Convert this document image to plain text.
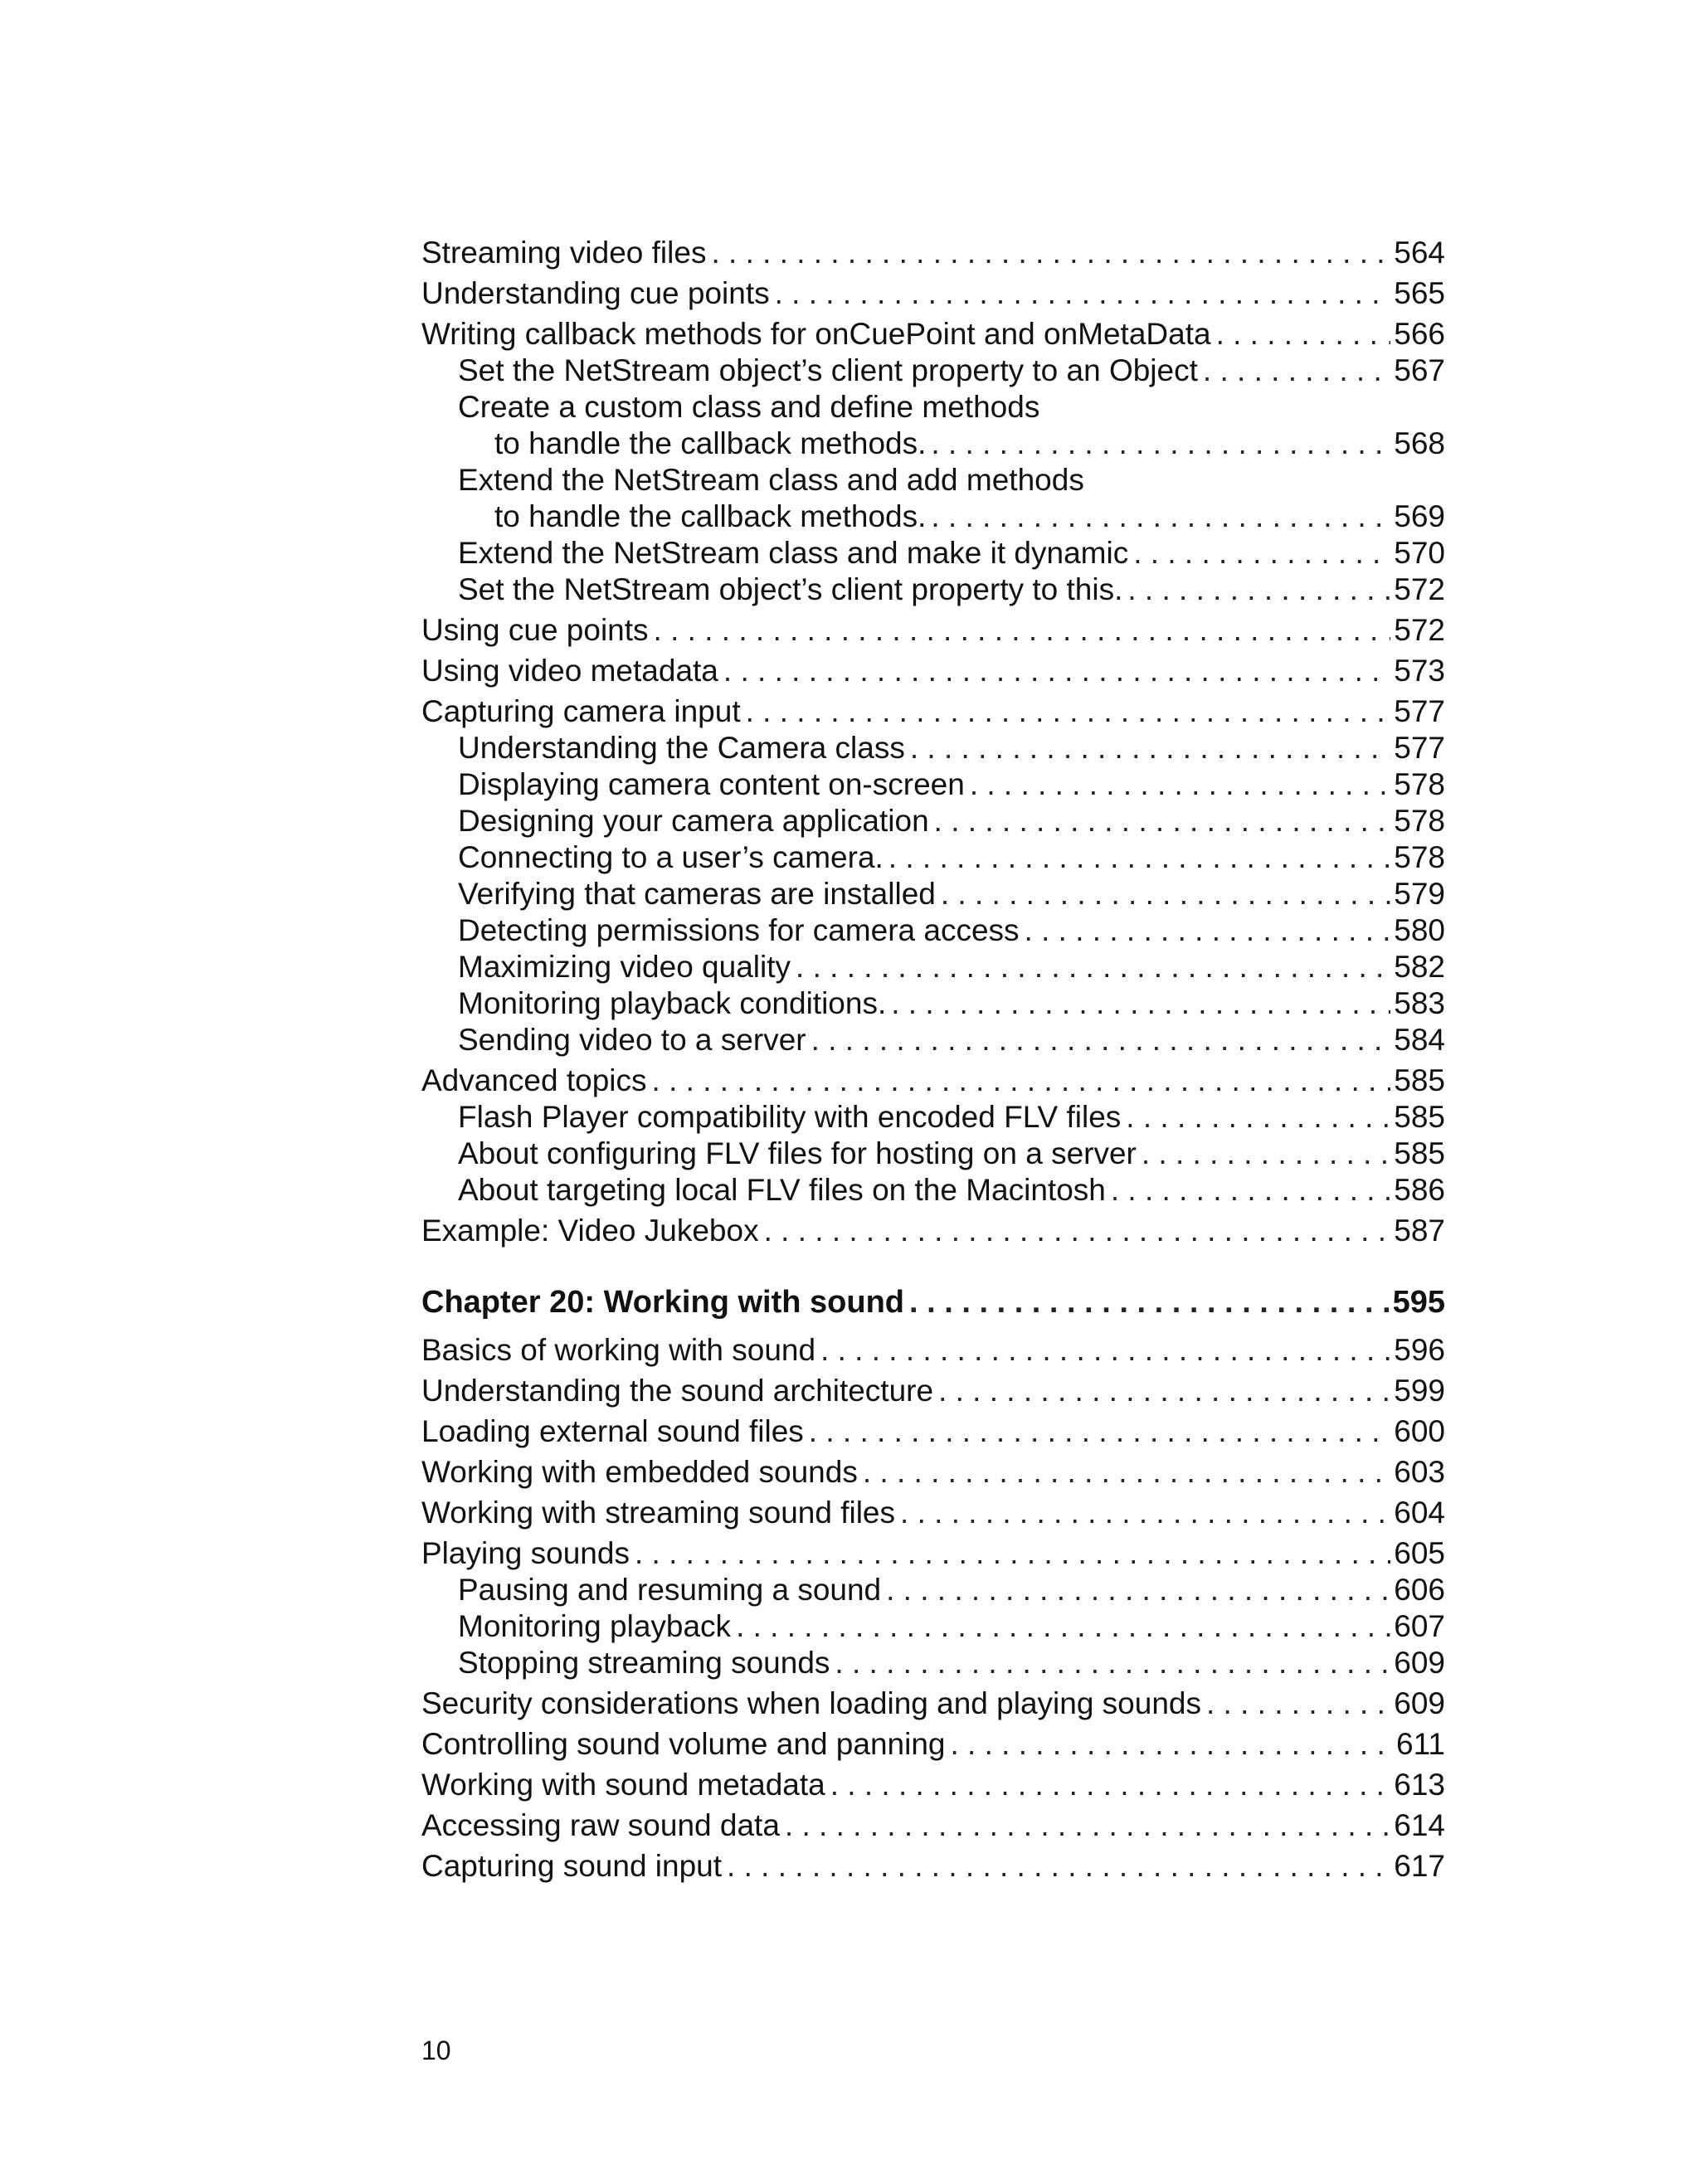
Streaming video files . . .	564
Understanding cue points . . .	565
Writing callback methods for onCuePoint and onMetaData . . .	566
Set the NetStream object’s client property to an Object . . .	567
Create a custom class and define methods
to handle the callback methods. . . .	568
Extend the NetStream class and add methods
to handle the callback methods. . . .	569
Extend the NetStream class and make it dynamic . . .	570
Set the NetStream object’s client property to this. . . .	572
Using cue points . . .	572
Using video metadata . . .	573
Capturing camera input . . .	577
Understanding the Camera class . . .	577
Displaying camera content on-screen . . .	578
Designing your camera application . . .	578
Connecting to a user’s camera. . . .	578
Verifying that cameras are installed . . .	579
Detecting permissions for camera access . . .	580
Maximizing video quality . . .	582
Monitoring playback conditions. . . .	583
Sending video to a server . . .	584
Advanced topics . . .	585
Flash Player compatibility with encoded FLV files . . .	585
About configuring FLV files for hosting on a server . . .	585
About targeting local FLV files on the Macintosh . . .	586
Example: Video Jukebox . . .	587
Chapter 20: Working with sound . . .	595
Basics of working with sound . . .	596
Understanding the sound architecture . . .	599
Loading external sound files . . .	600
Working with embedded sounds . . .	603
Working with streaming sound files . . .	604
Playing sounds . . .	605
Pausing and resuming a sound . . .	606
Monitoring playback . . .	607
Stopping streaming sounds . . .	609
Security considerations when loading and playing sounds . . .	609
Controlling sound volume and panning . . .	611
Working with sound metadata . . .	613
Accessing raw sound data . . .	614
Capturing sound input . . .	617
10
